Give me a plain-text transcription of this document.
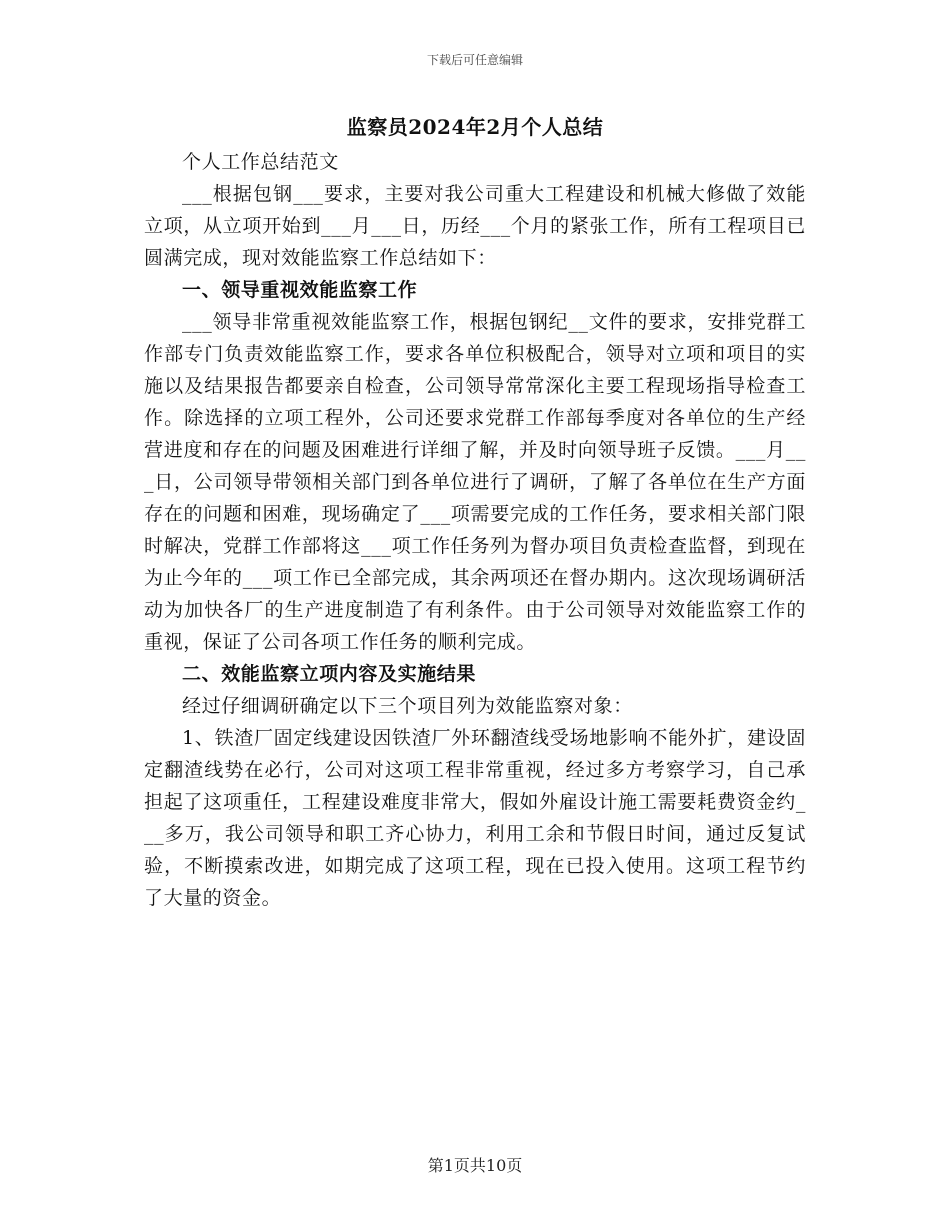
下载后可任意编辑
监察员2024年2月个人总结

个人工作总结范文

___根据包钢___要求，主要对我公司重大工程建设和机械大修做了效能立项，从立项开始到___月___日，历经___个月的紧张工作，所有工程项目已圆满完成，现对效能监察工作总结如下：

一、领导重视效能监察工作

___领导非常重视效能监察工作，根据包钢纪__文件的要求，安排党群工作部专门负责效能监察工作，要求各单位积极配合，领导对立项和项目的实施以及结果报告都要亲自检查，公司领导常常深化主要工程现场指导检查工作。除选择的立项工程外，公司还要求党群工作部每季度对各单位的生产经营进度和存在的问题及困难进行详细了解，并及时向领导班子反馈。___月___日，公司领导带领相关部门到各单位进行了调研，了解了各单位在生产方面存在的问题和困难，现场确定了___项需要完成的工作任务，要求相关部门限时解决，党群工作部将这___项工作任务列为督办项目负责检查监督，到现在为止今年的___项工作已全部完成，其余两项还在督办期内。这次现场调研活动为加快各厂的生产进度制造了有利条件。由于公司领导对效能监察工作的重视，保证了公司各项工作任务的顺利完成。

二、效能监察立项内容及实施结果

经过仔细调研确定以下三个项目列为效能监察对象：

1、铁渣厂固定线建设因铁渣厂外环翻渣线受场地影响不能外扩，建设固定翻渣线势在必行，公司对这项工程非常重视，经过多方考察学习，自己承担起了这项重任，工程建设难度非常大，假如外雇设计施工需要耗费资金约___多万，我公司领导和职工齐心协力，利用工余和节假日时间，通过反复试验，不断摸索改进，如期完成了这项工程，现在已投入使用。这项工程节约了大量的资金。

第1页共10页
